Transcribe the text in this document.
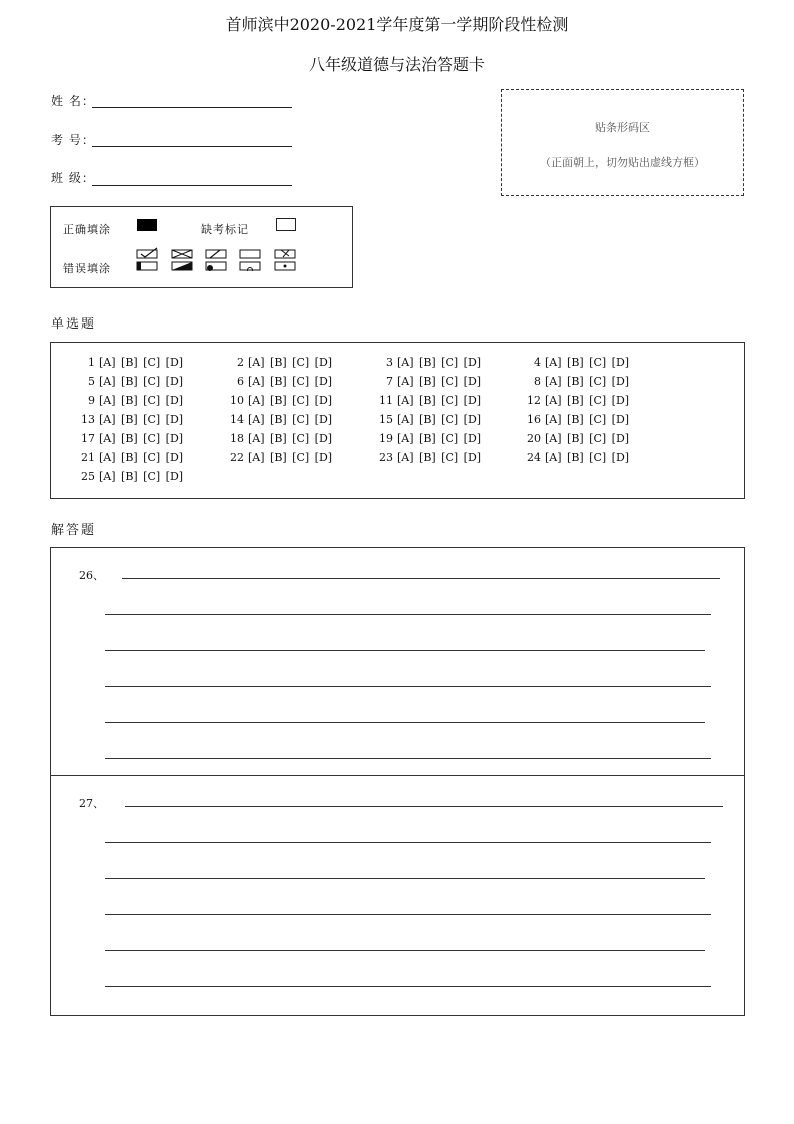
首师滨中2020-2021学年度第一学期阶段性检测
八年级道德与法治答题卡
姓 名：
考 号：
班 级：
贴条形码区
（正面朝上，切勿贴出虚线方框）
正确填涂	缺考标记
错误填涂
单选题
1 [A] [B] [C] [D]	2 [A] [B] [C] [D]	3 [A] [B] [C] [D]	4 [A] [B] [C] [D]
5 [A] [B] [C] [D]	6 [A] [B] [C] [D]	7 [A] [B] [C] [D]	8 [A] [B] [C] [D]
9 [A] [B] [C] [D]	10 [A] [B] [C] [D]	11 [A] [B] [C] [D]	12 [A] [B] [C] [D]
13 [A] [B] [C] [D]	14 [A] [B] [C] [D]	15 [A] [B] [C] [D]	16 [A] [B] [C] [D]
17 [A] [B] [C] [D]	18 [A] [B] [C] [D]	19 [A] [B] [C] [D]	20 [A] [B] [C] [D]
21 [A] [B] [C] [D]	22 [A] [B] [C] [D]	23 [A] [B] [C] [D]	24 [A] [B] [C] [D]
25 [A] [B] [C] [D]
解答题
26、
27、
